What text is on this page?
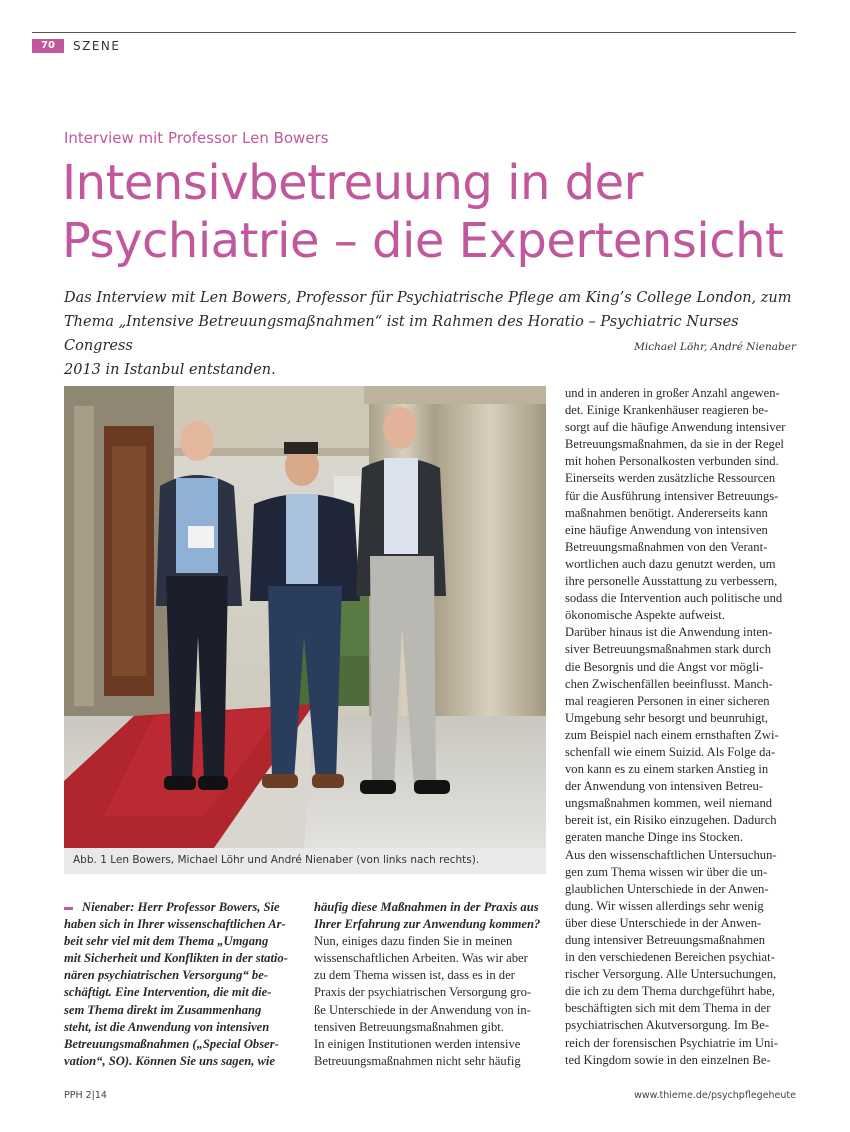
70	SZENE
Interview mit Professor Len Bowers
Intensivbetreuung in der
Psychiatrie – die Expertensicht
Das Interview mit Len Bowers, Professor für Psychiatrische Pflege am King’s College London, zum
Thema „Intensive Betreuungsmaßnahmen“ ist im Rahmen des Horatio – Psychiatric Nurses Congress
2013 in Istanbul entstanden.
Michael Löhr, André Nienaber
Abb. 1 Len Bowers, Michael Löhr und André Nienaber (von links nach rechts).

Nienaber: Herr Professor Bowers, Sie

haben sich in Ihrer wissenschaftlichen Ar-

beit sehr viel mit dem Thema „Umgang

mit Sicherheit und Konflikten in der statio-

nären psychiatrischen Versorgung“ be-

schäftigt. Eine Intervention, die mit die-

sem Thema direkt im Zusammenhang

steht, ist die Anwendung von intensiven

Betreuungsmaßnahmen („Special Obser-

vation“, SO). Können Sie uns sagen, wie

häufig diese Maßnahmen in der Praxis aus

Ihrer Erfahrung zur Anwendung kommen?

Nun, einiges dazu finden Sie in meinen

wissenschaftlichen Arbeiten. Was wir aber

zu dem Thema wissen ist, dass es in der

Praxis der psychiatrischen Versorgung gro-

ße Unterschiede in der Anwendung von in-

tensiven Betreuungsmaßnahmen gibt.

In einigen Institutionen werden intensive

Betreuungsmaßnahmen nicht sehr häufig

und in anderen in großer Anzahl angewen-

det. Einige Krankenhäuser reagieren be-

sorgt auf die häufige Anwendung intensiver

Betreuungsmaßnahmen, da sie in der Regel

mit hohen Personalkosten verbunden sind.

Einerseits werden zusätzliche Ressourcen

für die Ausführung intensiver Betreuungs-

maßnahmen benötigt. Andererseits kann

eine häufige Anwendung von intensiven

Betreuungsmaßnahmen von den Verant-

wortlichen auch dazu genutzt werden, um

ihre personelle Ausstattung zu verbessern,

sodass die Intervention auch politische und

ökonomische Aspekte aufweist.

Darüber hinaus ist die Anwendung inten-

siver Betreuungsmaßnahmen stark durch

die Besorgnis und die Angst vor mögli-

chen Zwischenfällen beeinflusst. Manch-

mal reagieren Personen in einer sicheren

Umgebung sehr besorgt und beunruhigt,

zum Beispiel nach einem ernsthaften Zwi-

schenfall wie einem Suizid. Als Folge da-

von kann es zu einem starken Anstieg in

der Anwendung von intensiven Betreu-

ungsmaßnahmen kommen, weil niemand

bereit ist, ein Risiko einzugehen. Dadurch

geraten manche Dinge ins Stocken.

Aus den wissenschaftlichen Untersuchun-

gen zum Thema wissen wir über die un-

glaublichen Unterschiede in der Anwen-

dung. Wir wissen allerdings sehr wenig

über diese Unterschiede in der Anwen-

dung intensiver Betreuungsmaßnahmen

in den verschiedenen Bereichen psychiat-

rischer Versorgung. Alle Untersuchungen,

die ich zu dem Thema durchgeführt habe,

beschäftigten sich mit dem Thema in der

psychiatrischen Akutversorgung. Im Be-

reich der forensischen Psychiatrie im Uni-

ted Kingdom sowie in den einzelnen Be-

PPH 2|14	www.thieme.de/psychpflegeheute
